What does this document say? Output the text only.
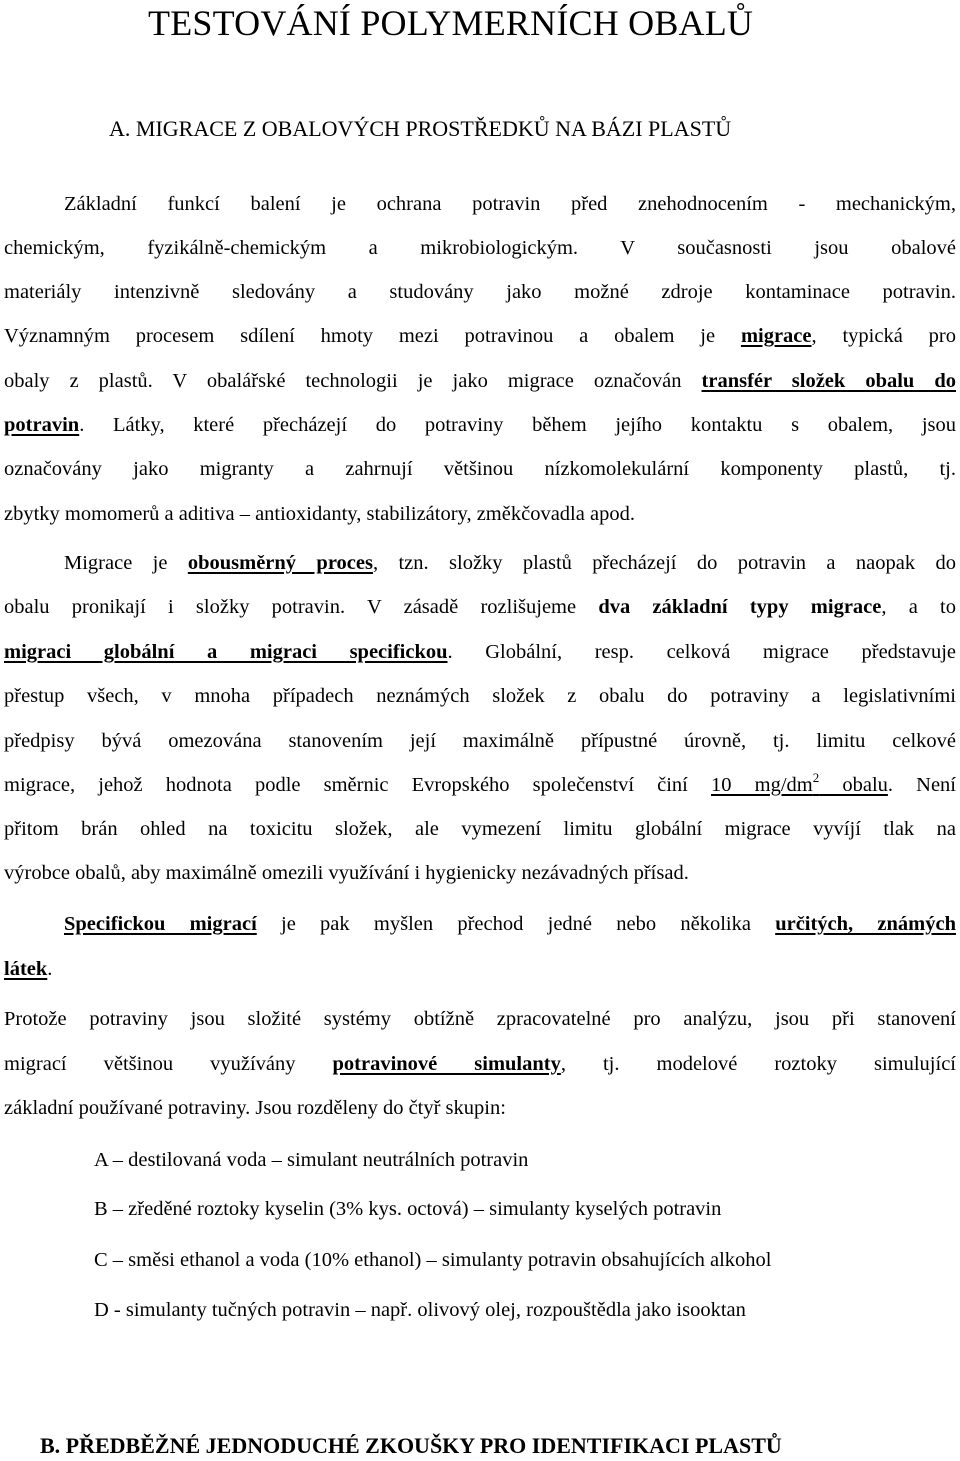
TESTOVÁNÍ POLYMERNÍCH OBALŮ
A. MIGRACE Z OBALOVÝCH PROSTŘEDKŮ NA BÁZI PLASTŮ
Základní funkcí balení je ochrana potravin před znehodnocením - mechanickým,
chemickým, fyzikálně-chemickým a mikrobiologickým. V současnosti jsou obalové
materiály intenzivně sledovány a studovány jako možné zdroje kontaminace potravin.
Významným procesem sdílení hmoty mezi potravinou a obalem je migrace, typická pro
obaly z plastů. V obalářské technologii je jako migrace označován transfér složek obalu do
potravin. Látky, které přecházejí do potraviny během jejího kontaktu s obalem, jsou
označovány jako migranty a zahrnují většinou nízkomolekulární komponenty plastů, tj.
zbytky momomerů a aditiva – antioxidanty, stabilizátory, změkčovadla apod.
Migrace je obousměrný proces, tzn. složky plastů přecházejí do potravin a naopak do
obalu pronikají i složky potravin. V zásadě rozlišujeme dva základní typy migrace, a to
migraci globální a migraci specifickou. Globální, resp. celková migrace představuje
přestup všech, v mnoha případech neznámých složek z obalu do potraviny a legislativními
předpisy bývá omezována stanovením její maximálně přípustné úrovně, tj. limitu celkové
migrace, jehož hodnota podle směrnic Evropského společenství činí 10 $mg/dm^2$ obalu. Není
přitom brán ohled na toxicitu složek, ale vymezení limitu globální migrace vyvíjí tlak na
výrobce obalů, aby maximálně omezili využívání i hygienicky nezávadných přísad.
Specifickou migrací je pak myšlen přechod jedné nebo několika určitých, známých
látek.
Protože potraviny jsou složité systémy obtížně zpracovatelné pro analýzu, jsou při stanovení
migrací většinou využívány potravinové simulanty, tj. modelové roztoky simulující
základní používané potraviny. Jsou rozděleny do čtyř skupin:
A – destilovaná voda – simulant neutrálních potravin
B – zředěné roztoky kyselin (3% kys. octová) – simulanty kyselých potravin
C – směsi ethanol a voda (10% ethanol) – simulanty potravin obsahujících alkohol
D - simulanty tučných potravin – např. olivový olej, rozpouštědla jako isooktan
B. PŘEDBĚŽNÉ JEDNODUCHÉ ZKOUŠKY PRO IDENTIFIKACI PLASTŮ
